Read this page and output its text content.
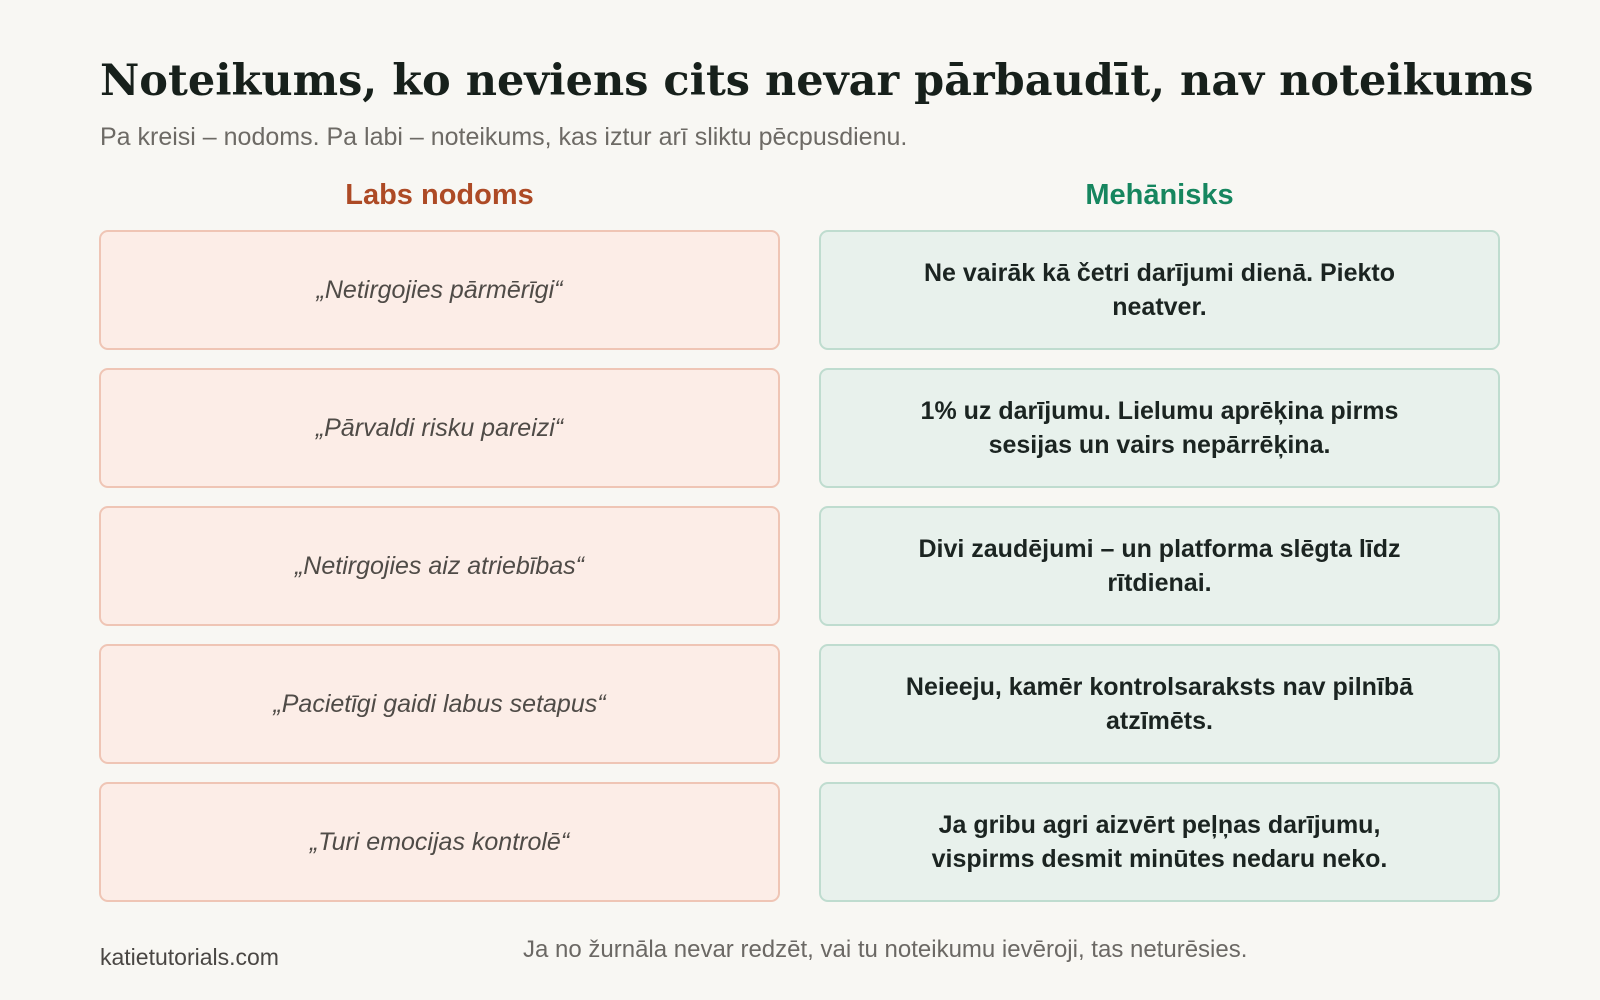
Noteikums, ko neviens cits nevar pārbaudīt, nav noteikums
Pa kreisi – nodoms. Pa labi – noteikums, kas iztur arī sliktu pēcpusdienu.
Labs nodoms
„Netirgojies pārmērīgi“
„Pārvaldi risku pareizi“
„Netirgojies aiz atriebības“
„Pacietīgi gaidi labus setapus“
„Turi emocijas kontrolē“
Mehānisks
Ne vairāk kā četri darījumi dienā. Piekto neatver.
1% uz darījumu. Lielumu aprēķina pirms sesijas un vairs nepārrēķina.
Divi zaudējumi – un platforma slēgta līdz rītdienai.
Neieeju, kamēr kontrolsaraksts nav pilnībā atzīmēts.
Ja gribu agri aizvērt peļņas darījumu, vispirms desmit minūtes nedaru neko.
katietutorials.com	Ja no žurnāla nevar redzēt, vai tu noteikumu ievēroji, tas neturēsies.
